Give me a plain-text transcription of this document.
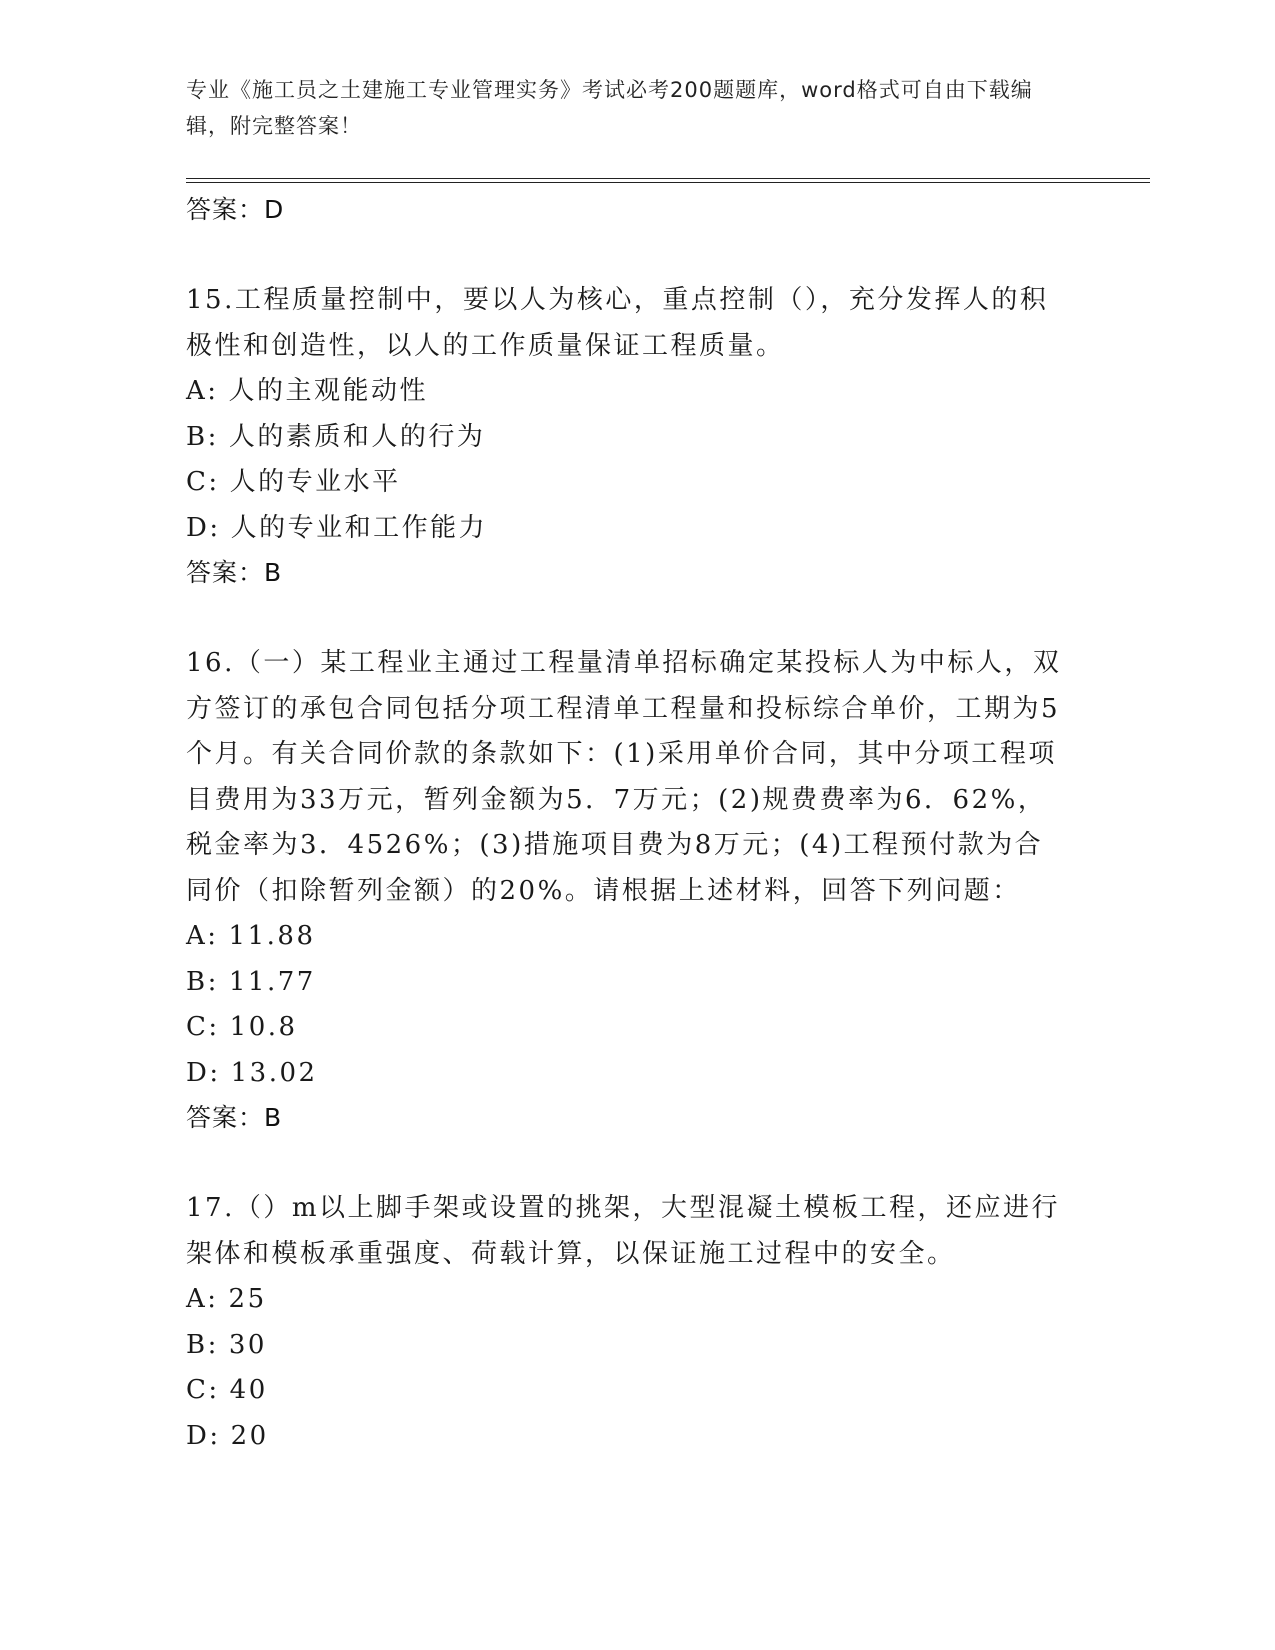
专业《施工员之土建施工专业管理实务》考试必考200题题库，word格式可自由下载编辑，附完整答案！
答案：D
15.工程质量控制中，要以人为核心，重点控制（），充分发挥人的积极性和创造性，以人的工作质量保证工程质量。
A: 人的主观能动性
B: 人的素质和人的行为
C: 人的专业水平
D: 人的专业和工作能力
答案：B
16.（一）某工程业主通过工程量清单招标确定某投标人为中标人，双方签订的承包合同包括分项工程清单工程量和投标综合单价，工期为5个月。有关合同价款的条款如下：(1)采用单价合同，其中分项工程项目费用为33万元，暂列金额为5．7万元；(2)规费费率为6．62%，税金率为3．4526%；(3)措施项目费为8万元；(4)工程预付款为合同价（扣除暂列金额）的20%。请根据上述材料，回答下列问题：
A: 11.88
B: 11.77
C: 10.8
D: 13.02
答案：B
17.（）m以上脚手架或设置的挑架，大型混凝土模板工程，还应进行架体和模板承重强度、荷载计算，以保证施工过程中的安全。
A: 25
B: 30
C: 40
D: 20
